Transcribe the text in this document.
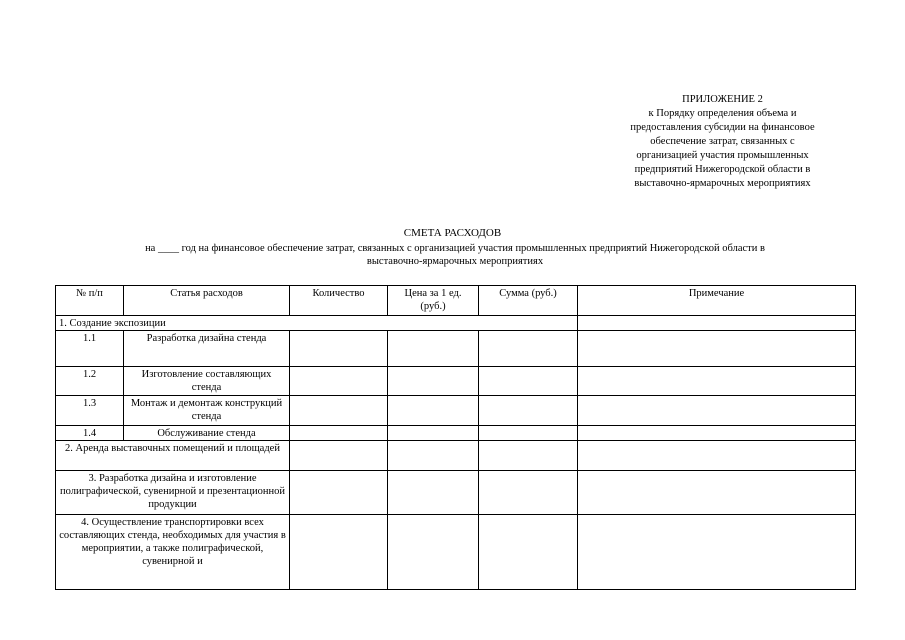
ПРИЛОЖЕНИЕ 2
к Порядку определения объема и
предоставления субсидии на финансовое
обеспечение затрат, связанных с
организацией участия промышленных
предприятий Нижегородской области в
выставочно-ярмарочных мероприятиях
СМЕТА РАСХОДОВ
на ____ год на финансовое обеспечение затрат, связанных с организацией участия промышленных предприятий Нижегородской области в
выставочно-ярмарочных мероприятиях
№ п/п	Статья расходов	Количество	Цена за 1 ед. (руб.)	Сумма (руб.)	Примечание
1. Создание экспозиции					
1.1	Разработка дизайна стенда				
1.2	Изготовление составляющих стенда				
1.3	Монтаж и демонтаж конструкций стенда				
1.4	Обслуживание стенда				
2. Аренда выставочных помещений и площадей					
3. Разработка дизайна и изготовление полиграфической, сувенирной и презентационной продукции					
4. Осуществление транспортировки всех составляющих стенда, необходимых для участия в мероприятии, а также полиграфической, сувенирной и					
